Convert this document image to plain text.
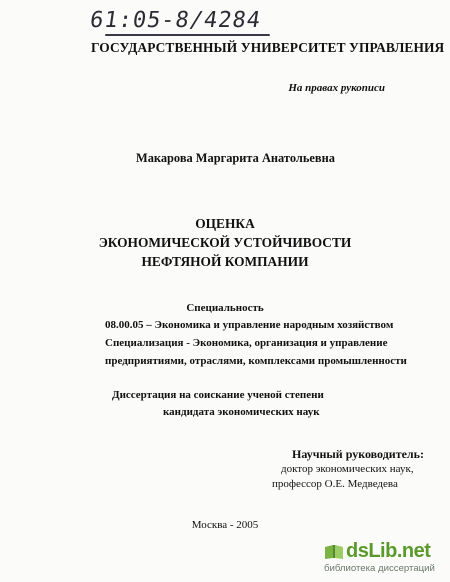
61:05-8/4284
ГОСУДАРСТВЕННЫЙ УНИВЕРСИТЕТ УПРАВЛЕНИЯ
На правах рукописи
Макарова Маргарита Анатольевна
ОЦЕНКА
ЭКОНОМИЧЕСКОЙ УСТОЙЧИВОСТИ
НЕФТЯНОЙ КОМПАНИИ
Специальность
08.00.05 – Экономика и управление народным хозяйством
Специализация - Экономика, организация и управление
предприятиями, отраслями, комплексами промышленности
Диссертация на соискание ученой степени
кандидата экономических наук
Научный руководитель:
доктор экономических наук,
профессор О.Е. Медведева
Москва - 2005
dsLib.net
библиотека диссертаций
